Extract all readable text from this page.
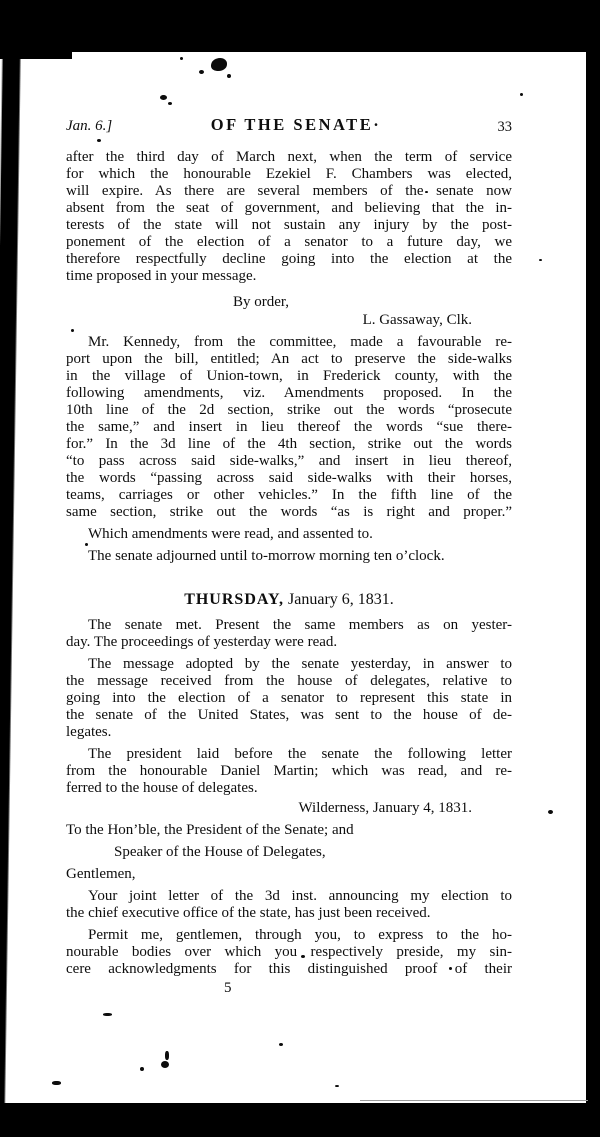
Jan. 6.]	OF THE SENATE·	33
after the third day of March next, when the term of service
for which the honourable Ezekiel F. Chambers was elected,
will expire. As there are several members of the senate now
absent from the seat of government, and believing that the in-
terests of the state will not sustain any injury by the post-
ponement of the election of a senator to a future day, we
therefore respectfully decline going into the election at the
time proposed in your message.
By order,
L. Gassaway, Clk.
Mr. Kennedy, from the committee, made a favourable re-
port upon the bill, entitled; An act to preserve the side-walks
in the village of Union-town, in Frederick county, with the
following amendments, viz. Amendments proposed. In the
10th line of the 2d section, strike out the words “prosecute
the same,” and insert in lieu thereof the words “sue there-
for.” In the 3d line of the 4th section, strike out the words
“to pass across said side-walks,” and insert in lieu thereof,
the words “passing across said side-walks with their horses,
teams, carriages or other vehicles.” In the fifth line of the
same section, strike out the words “as is right and proper.”
Which amendments were read, and assented to.
The senate adjourned until to-morrow morning ten o’clock.
THURSDAY, January 6, 1831.
The senate met. Present the same members as on yester-
day. The proceedings of yesterday were read.
The message adopted by the senate yesterday, in answer to
the message received from the house of delegates, relative to
going into the election of a senator to represent this state in
the senate of the United States, was sent to the house of de-
legates.
The president laid before the senate the following letter
from the honourable Daniel Martin; which was read, and re-
ferred to the house of delegates.
Wilderness, January 4, 1831.
To the Hon’ble, the President of the Senate; and
Speaker of the House of Delegates,
Gentlemen,
Your joint letter of the 3d inst. announcing my election to
the chief executive office of the state, has just been received.
Permit me, gentlemen, through you, to express to the ho-
nourable bodies over which you respectively preside, my sin-
cere acknowledgments for this distinguished proof of their
5
